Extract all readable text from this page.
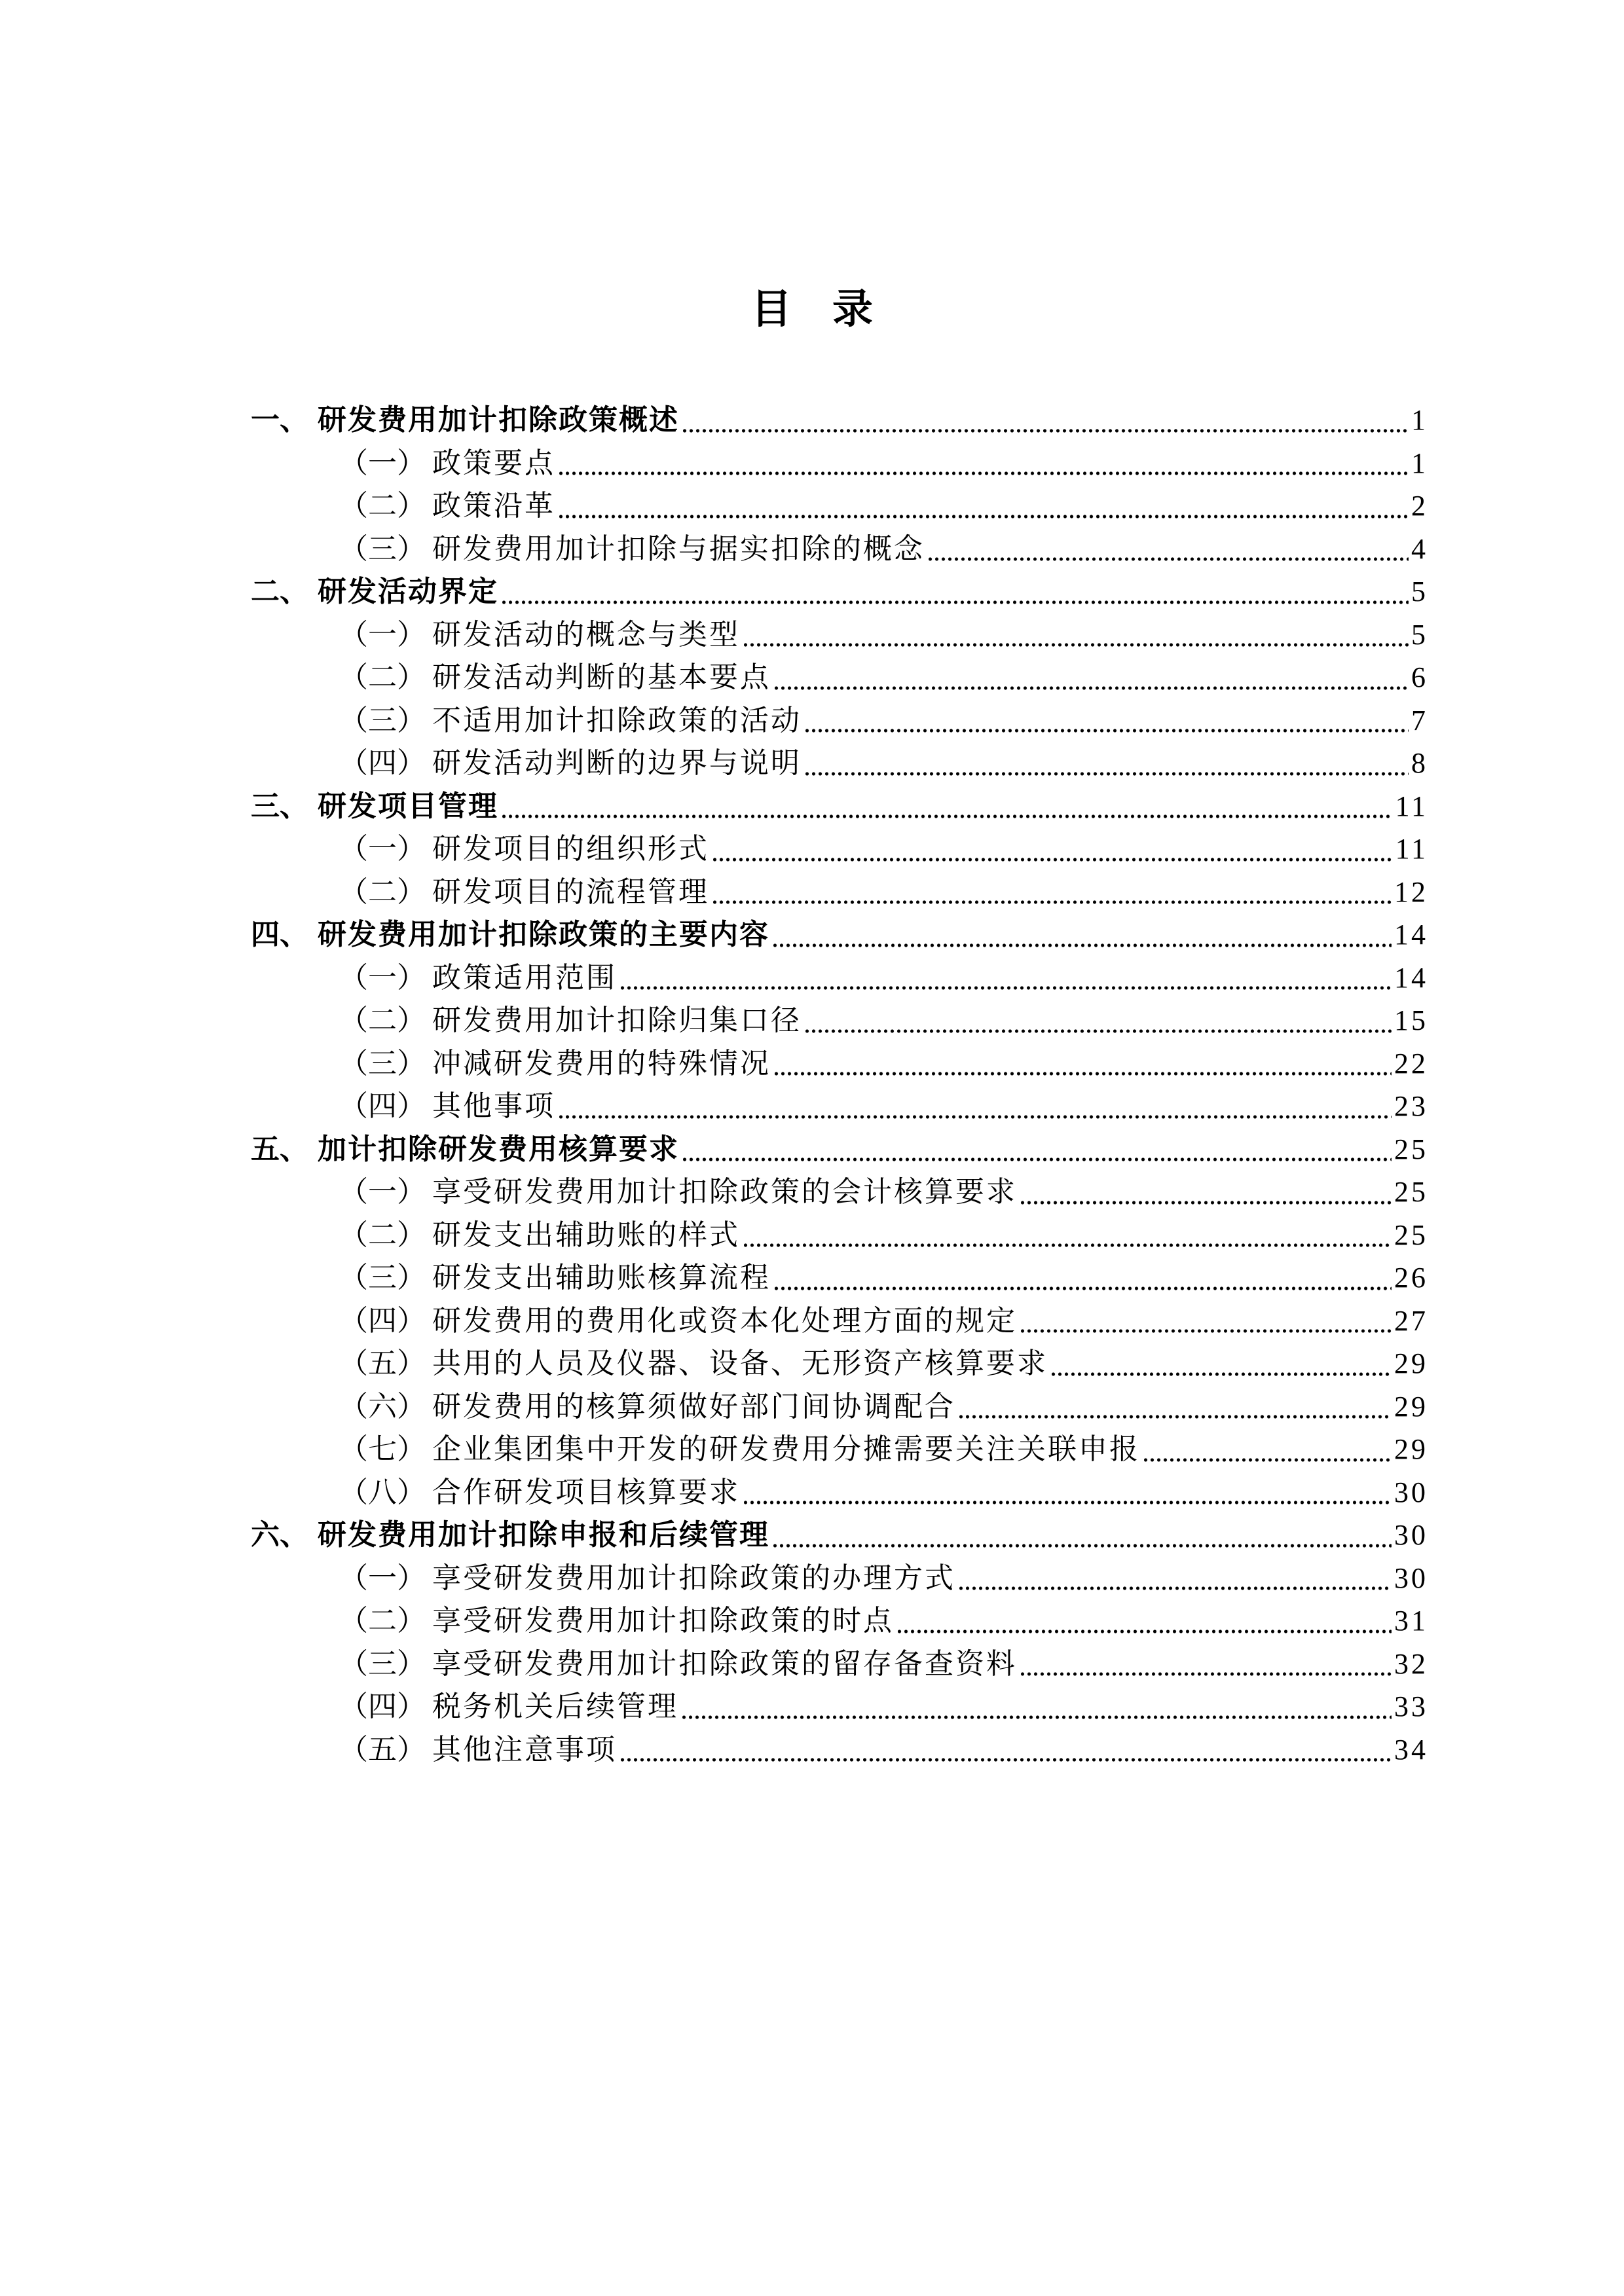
目　录
一、 研发费用加计扣除政策概述	1
（一） 政策要点	1
（二） 政策沿革	2
（三） 研发费用加计扣除与据实扣除的概念	4
二、 研发活动界定	5
（一） 研发活动的概念与类型	5
（二） 研发活动判断的基本要点	6
（三） 不适用加计扣除政策的活动	7
（四） 研发活动判断的边界与说明	8
三、 研发项目管理	11
（一） 研发项目的组织形式	11
（二） 研发项目的流程管理	12
四、 研发费用加计扣除政策的主要内容	14
（一） 政策适用范围	14
（二） 研发费用加计扣除归集口径	15
（三） 冲减研发费用的特殊情况	22
（四） 其他事项	23
五、 加计扣除研发费用核算要求	25
（一） 享受研发费用加计扣除政策的会计核算要求	25
（二） 研发支出辅助账的样式	25
（三） 研发支出辅助账核算流程	26
（四） 研发费用的费用化或资本化处理方面的规定	27
（五） 共用的人员及仪器、设备、无形资产核算要求	29
（六） 研发费用的核算须做好部门间协调配合	29
（七） 企业集团集中开发的研发费用分摊需要关注关联申报	29
（八） 合作研发项目核算要求	30
六、 研发费用加计扣除申报和后续管理	30
（一） 享受研发费用加计扣除政策的办理方式	30
（二） 享受研发费用加计扣除政策的时点	31
（三） 享受研发费用加计扣除政策的留存备查资料	32
（四） 税务机关后续管理	33
（五） 其他注意事项	34
